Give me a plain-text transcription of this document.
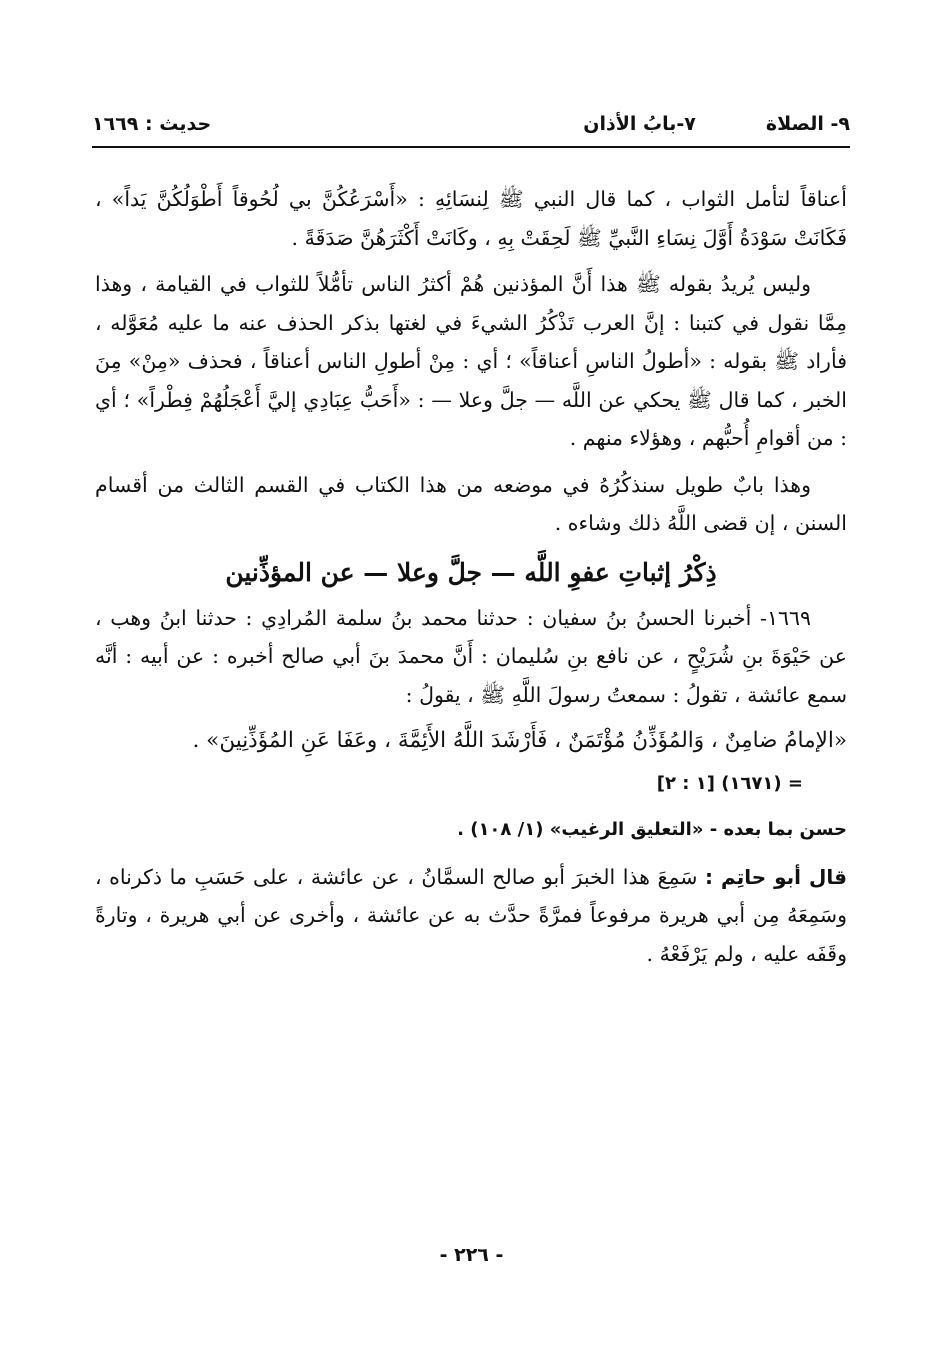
٩- الصلاة
٧-بابُ الأذان
حديث : ١٦٦٩

أعناقاً لتأمل الثواب ، كما قال النبي ﷺ لِنسَائِهِ : «أَسْرَعُكُنَّ بي لُحُوقاً أَطْوَلُكُنَّ يَداً» ، فَكَانَتْ سَوْدَةُ أَوَّلَ نِسَاءِ النَّبيِّ ﷺ لَحِقَتْ بِهِ ، وكَانَتْ أَكْثَرَهُنَّ صَدَقَةً .

وليس يُريدُ بقوله ﷺ هذا أَنَّ المؤذنين هُمْ أكثرُ الناس تأمُّلاً للثواب في القيامة ، وهذا مِمَّا نقول في كتبنا : إنَّ العرب تَذْكُرُ الشيءَ في لغتها بذكر الحذف عنه ما عليه مُعَوَّله ، فأراد ﷺ بقوله : «أطولُ الناسِ أعناقاً» ؛ أي : مِنْ أطولِ الناس أعناقاً ، فحذف «مِنْ» مِنَ الخبر ، كما قال ﷺ يحكي عن اللَّه — جلَّ وعلا — : «أَحَبُّ عِبَادِي إليَّ أَعْجَلُهُمْ فِطْراً» ؛ أي : من أقوامِ أُحبُّهم ، وهؤلاء منهم .

وهذا بابٌ طويل سنذكُرُهُ في موضعه من هذا الكتاب في القسم الثالث من أقسام السنن ، إن قضى اللَّهُ ذلك وشاءه .

ذِكْرُ إثباتِ عفوِ اللَّه — جلَّ وعلا — عن المؤذِّنين

١٦٦٩- أخبرنا الحسنُ بنُ سفيان : حدثنا محمد بنُ سلمة المُرادِي : حدثنا ابنُ وهب ، عن حَيْوَةَ بنِ شُرَيْحٍ ، عن نافع بنِ سُليمان : أَنَّ محمدَ بنَ أبي صالح أخبره : عن أبيه : أنَّه سمع عائشة ، تقولُ : سمعتُ رسولَ اللَّهِ ﷺ ، يقولُ :

«الإمامُ ضامِنٌ ، وَالمُؤَذِّنُ مُؤْتَمَنٌ ، فَأَرْشَدَ اللَّهُ الأَئِمَّةَ ، وعَفَا عَنِ المُؤَذِّنِينَ» .

= (١٦٧١) [١ : ٢]

حسن بما بعده - «التعليق الرغيب» (١/ ١٠٨) .

قال أبو حاتِم : سَمِعَ هذا الخبرَ أبو صالح السمَّانُ ، عن عائشة ، على حَسَبِ ما ذكرناه ، وسَمِعَهُ مِن أبي هريرة مرفوعاً فمرَّةً حدَّث به عن عائشة ، وأخرى عن أبي هريرة ، وتارةً وقَفَه عليه ، ولم يَرْفَعْهُ .

- ٢٢٦ -
